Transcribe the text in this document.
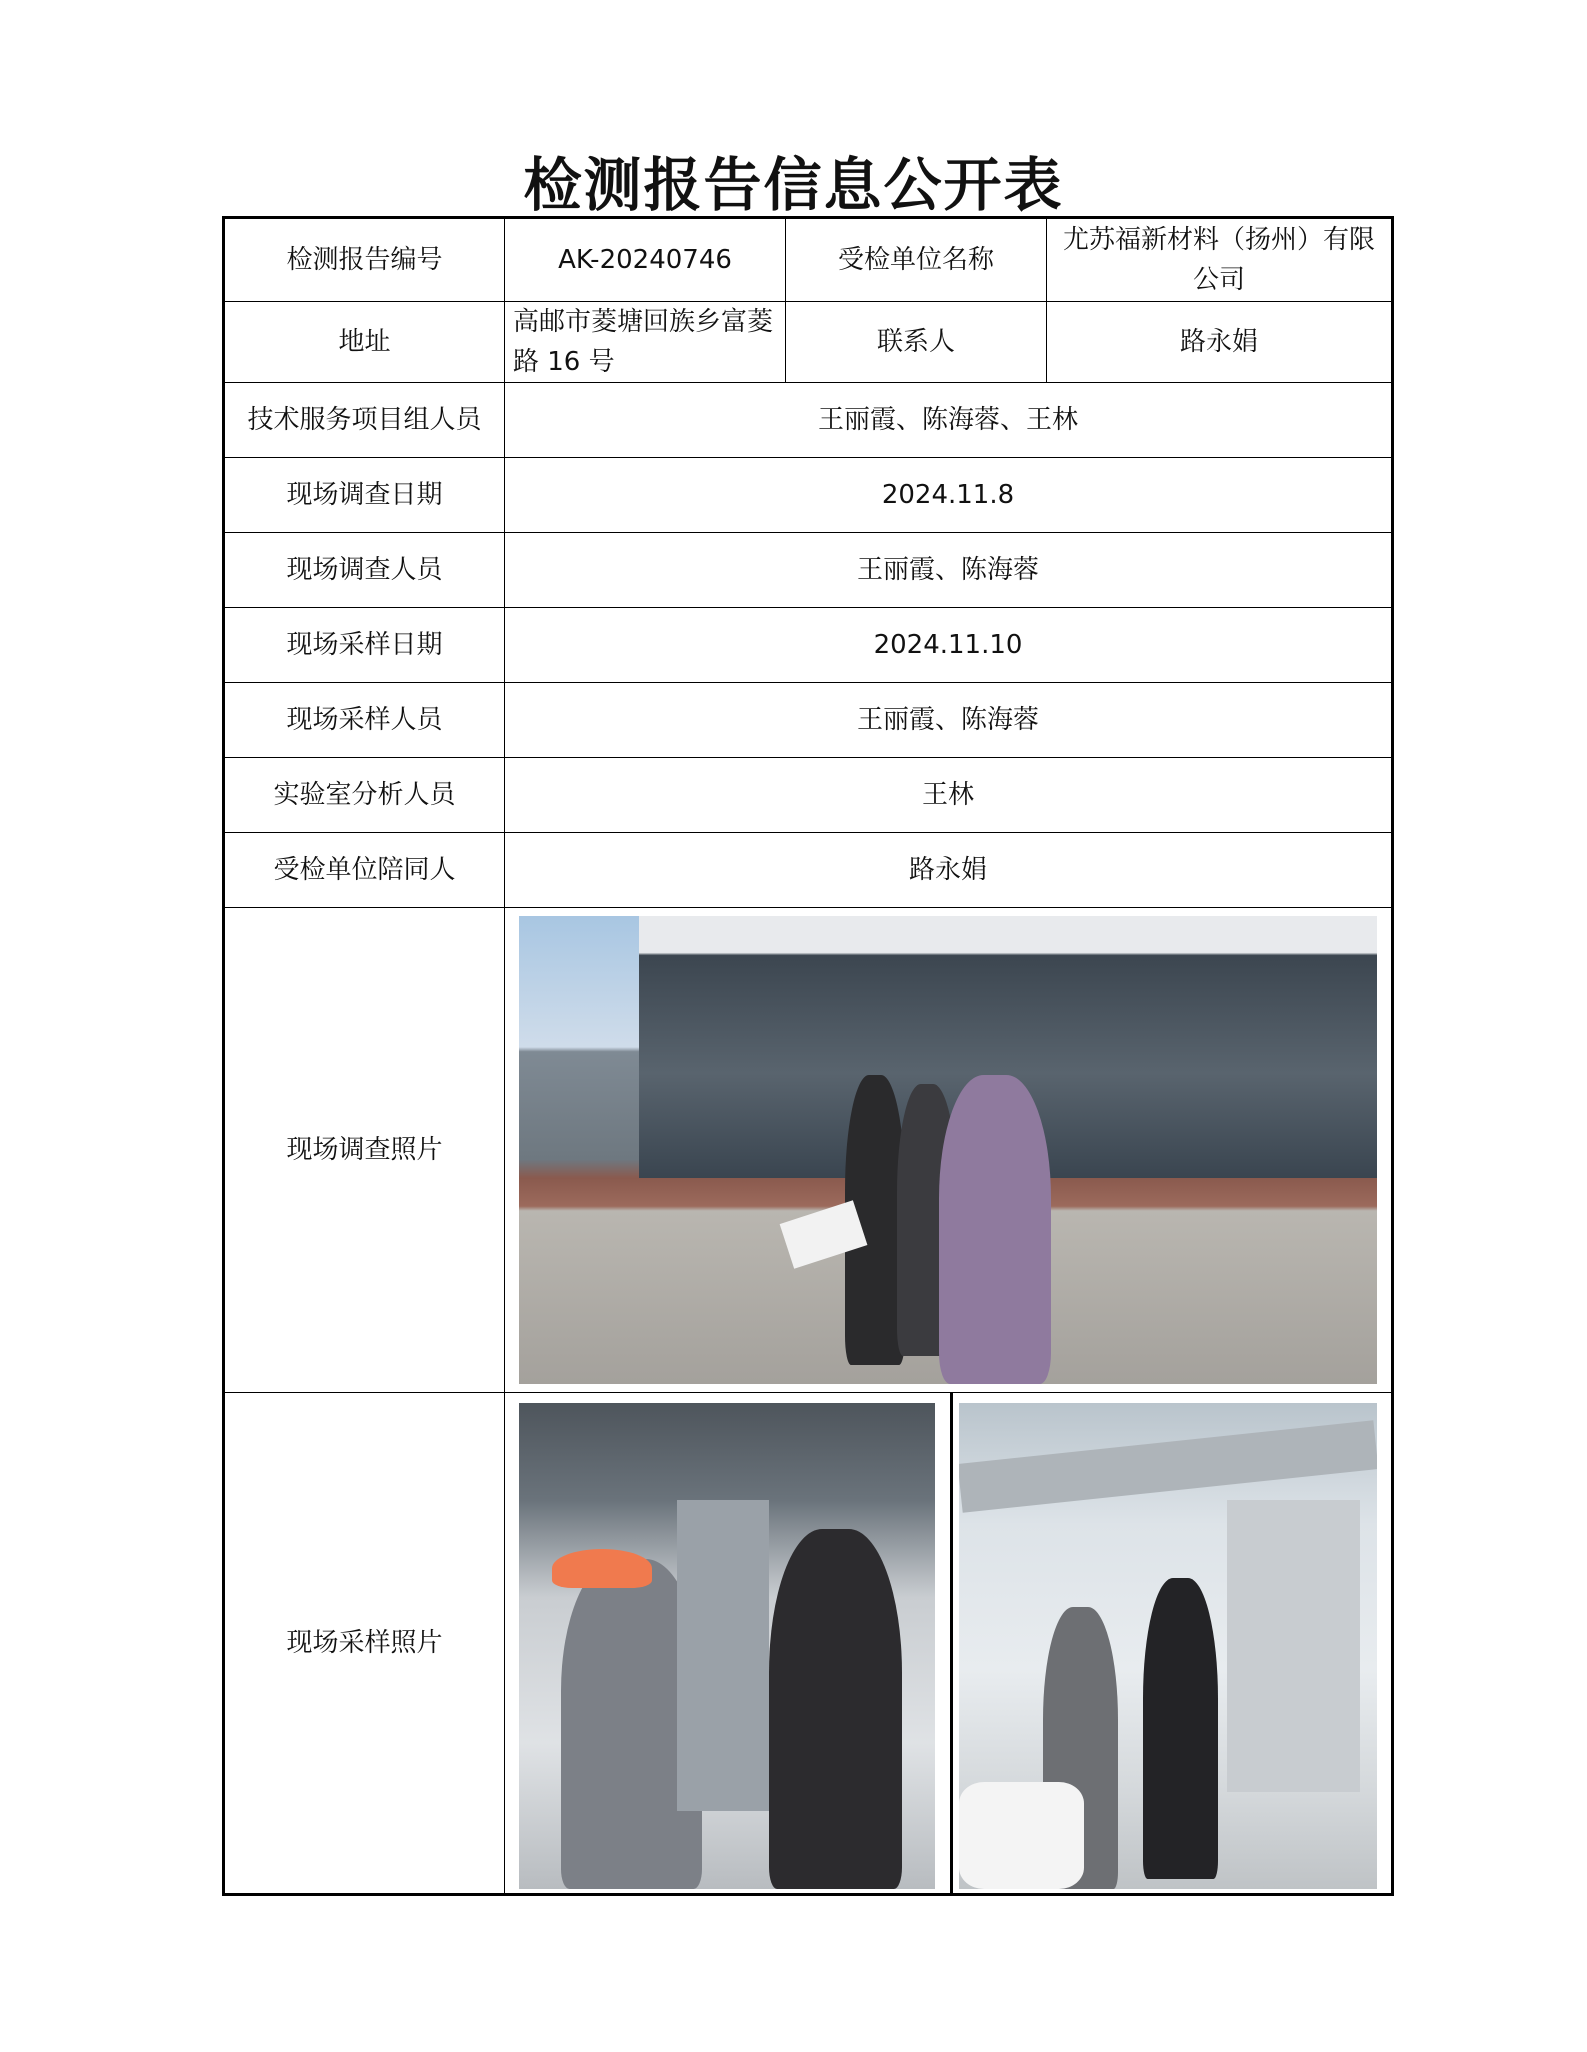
检测报告信息公开表
检测报告编号	AK-20240746	受检单位名称	尤苏福新材料（扬州）有限公司
地址	高邮市菱塘回族乡富菱路 16 号	联系人	路永娟
技术服务项目组人员	王丽霞、陈海蓉、王林		
现场调查日期	2024.11.8		
现场调查人员	王丽霞、陈海蓉		
现场采样日期	2024.11.10		
现场采样人员	王丽霞、陈海蓉		
实验室分析人员	王林		
受检单位陪同人	路永娟		
现场调查照片			

现场采样照片			
